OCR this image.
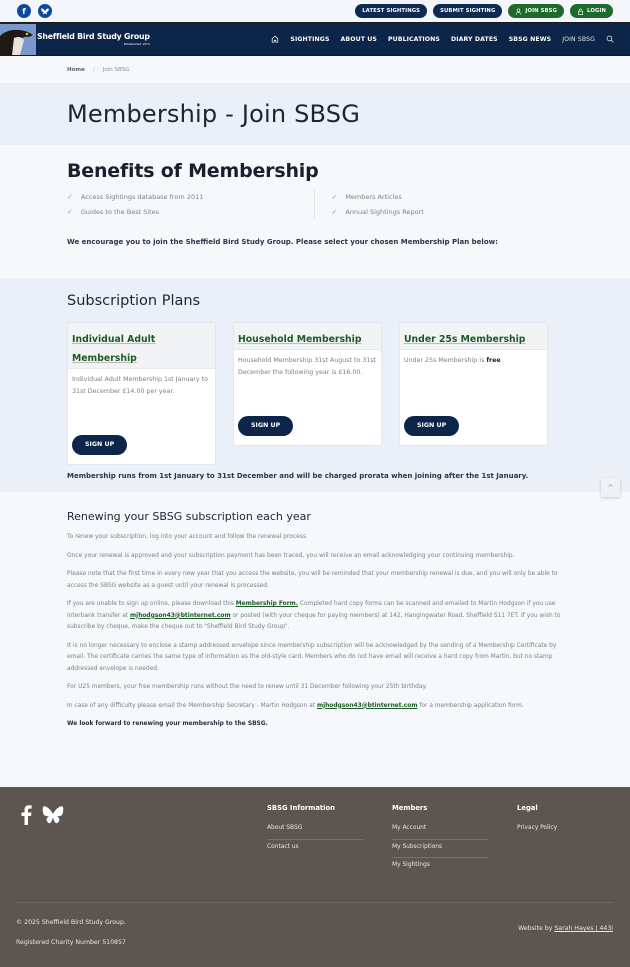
f	LATEST SIGHTINGS	SUBMIT SIGHTING	JOIN SBSG	LOGIN
Sheffield Bird Study Group
Established 1972
SIGHTINGS ABOUT US PUBLICATIONS DIARY DATES SBSG NEWS JOIN SBSG
Home / Join SBSG
Membership - Join SBSG
Benefits of Membership
✓ Access Sightings database from 2011
✓ Guides to the Best Sites
✓ Members Articles
✓ Annual Sightings Report

We encourage you to join the Sheffield Bird Study Group. Please select your chosen Membership Plan below:

Subscription Plans
Individual Adult Membership
Individual Adult Membership 1st January to 31st December £14.00 per year.
SIGN UP
Household Membership
Household Membership 31st August to 31st December the following year is £16.00.
SIGN UP
Under 25s Membership
Under 25s Membership is free
SIGN UP

Membership runs from 1st January to 31st December and will be charged prorata when joining after the 1st January.

^
Renewing your SBSG subscription each year

To renew your subscription, log into your account and follow the renewal process.

Once your renewal is approved and your subscription payment has been traced, you will receive an email acknowledging your continuing membership.

Please note that the first time in every new year that you access the website, you will be reminded that your membership renewal is due, and you will only be able to access the SBSG website as a guest until your renewal is processed.

If you are unable to sign up online, please download this Membership Form. Completed hard copy forms can be scanned and emailed to Martin Hodgson if you use interbank transfer at mjhodgson43@btinternet.com or posted (with your cheque for paying members) at 142, Hangingwater Road, Sheffield S11 7ET. If you wish to subscribe by cheque, make the cheque out to "Sheffield Bird Study Group".

It is no longer necessary to enclose a stamp addressed envelope since membership subscription will be acknowledged by the sending of a Membership Certificate by email. The certificate carries the same type of information as the old-style card. Members who do not have email will receive a hard copy from Martin, but no stamp addressed envelope is needed.

For U25 members, your free membership runs without the need to renew until 31 December following your 25th birthday.

In case of any difficulty please email the Membership Secretary - Martin Hodgson at mjhodgson43@btinternet.com for a membership application form.

We look forward to renewing your membership to the SBSG.

SBSG Information
About SBSG
Contact us
Members
My Account
My Subscriptions
My Sightings
Legal
Privacy Policy

© 2025 Sheffield Bird Study Group.

Registered Charity Number 510857

Website by Sarah Hayes | 443i
